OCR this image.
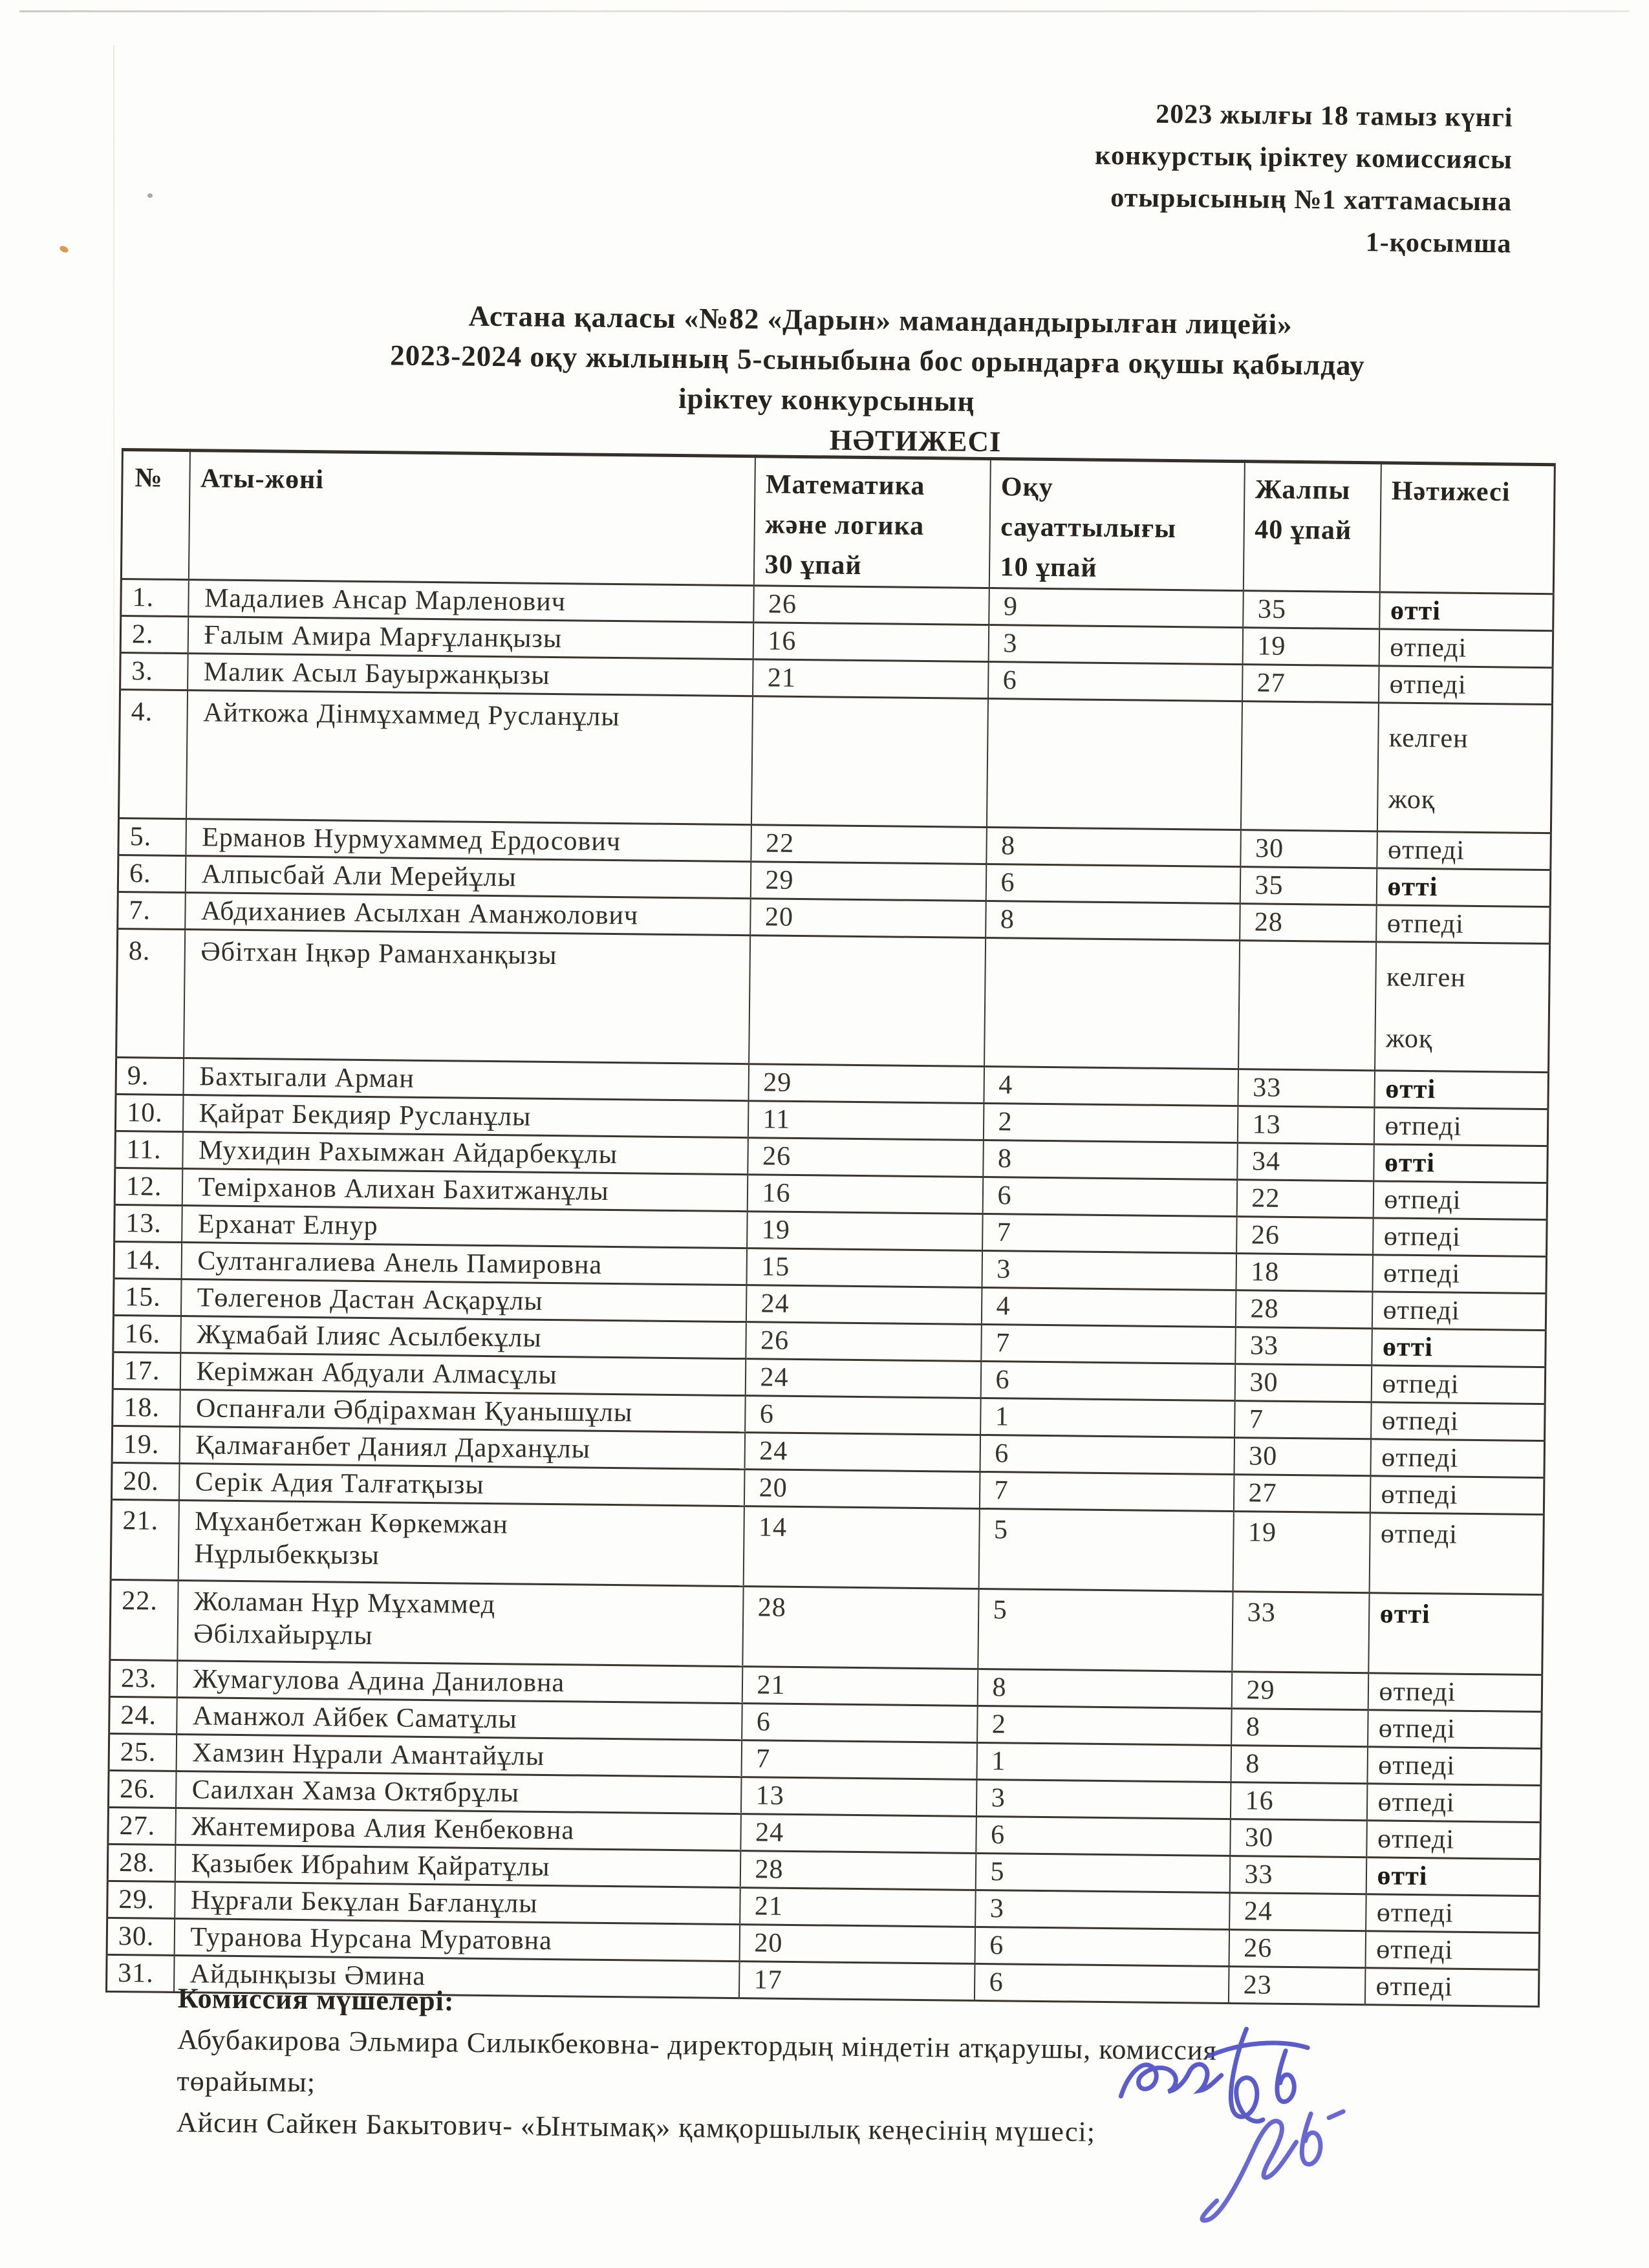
2023 жылғы 18 тамыз күнгі
конкурстық іріктеу комиссиясы
отырысының №1 хаттамасына
1-қосымша
Астана қаласы «№82 «Дарын» мамандандырылған лицейі»
2023-2024 оқу жылының 5-сыныбына бос орындарға оқушы қабылдау
іріктеу конкурсының
НӘТИЖЕСІ
№	Аты-жөні	Математика
және логика
30 ұпай	Оқу
сауаттылығы
10 ұпай	Жалпы
40 ұпай	Нәтижесі
1.	Мадалиев Ансар Марленович	26	9	35	өтті
2.	Ғалым Амира Марғұланқызы	16	3	19	өтпеді
3.	Малик Асыл Бауыржанқызы	21	6	27	өтпеді
4.	Айткожа Дінмұхаммед Русланұлы				келген
жоқ
5.	Ерманов Нурмухаммед Ердосович	22	8	30	өтпеді
6.	Алпысбай Али Мерейұлы	29	6	35	өтті
7.	Абдиханиев Асылхан Аманжолович	20	8	28	өтпеді
8.	Әбітхан Іңкәр Раманханқызы				келген
жоқ
9.	Бахтыгали Арман	29	4	33	өтті
10.	Қайрат Бекдияр Русланұлы	11	2	13	өтпеді
11.	Мухидин Рахымжан Айдарбекұлы	26	8	34	өтті
12.	Темірханов Алихан Бахитжанұлы	16	6	22	өтпеді
13.	Ерханат Елнур	19	7	26	өтпеді
14.	Султангалиева Анель Памировна	15	3	18	өтпеді
15.	Төлегенов Дастан Асқарұлы	24	4	28	өтпеді
16.	Жұмабай Ілияс Асылбекұлы	26	7	33	өтті
17.	Керімжан Абдуали Алмасұлы	24	6	30	өтпеді
18.	Оспанғали Әбдірахман Қуанышұлы	6	1	7	өтпеді
19.	Қалмағанбет Даниял Дарханұлы	24	6	30	өтпеді
20.	Серік Адия Талғатқызы	20	7	27	өтпеді
21.	Мұханбетжан Көркемжан
Нұрлыбекқызы	14	5	19	өтпеді
22.	Жоламан Нұр Мұхаммед
Әбілхайырұлы	28	5	33	өтті
23.	Жумагулова Адина Даниловна	21	8	29	өтпеді
24.	Аманжол Айбек Саматұлы	6	2	8	өтпеді
25.	Хамзин Нұрали Амантайұлы	7	1	8	өтпеді
26.	Саилхан Хамза Октябрұлы	13	3	16	өтпеді
27.	Жантемирова Алия Кенбековна	24	6	30	өтпеді
28.	Қазыбек Ибраһим Қайратұлы	28	5	33	өтті
29.	Нұрғали Бекұлан Бағланұлы	21	3	24	өтпеді
30.	Туранова Нурсана Муратовна	20	6	26	өтпеді
31.	Айдынқызы Әмина	17	6	23	өтпеді
Комиссия мүшелері:
Абубакирова Эльмира Силыкбековна- директордың міндетін атқарушы, комиссия
төрайымы;
Айсин Сайкен Бакытович- «Ынтымақ» қамқоршылық кеңесінің мүшесі;
